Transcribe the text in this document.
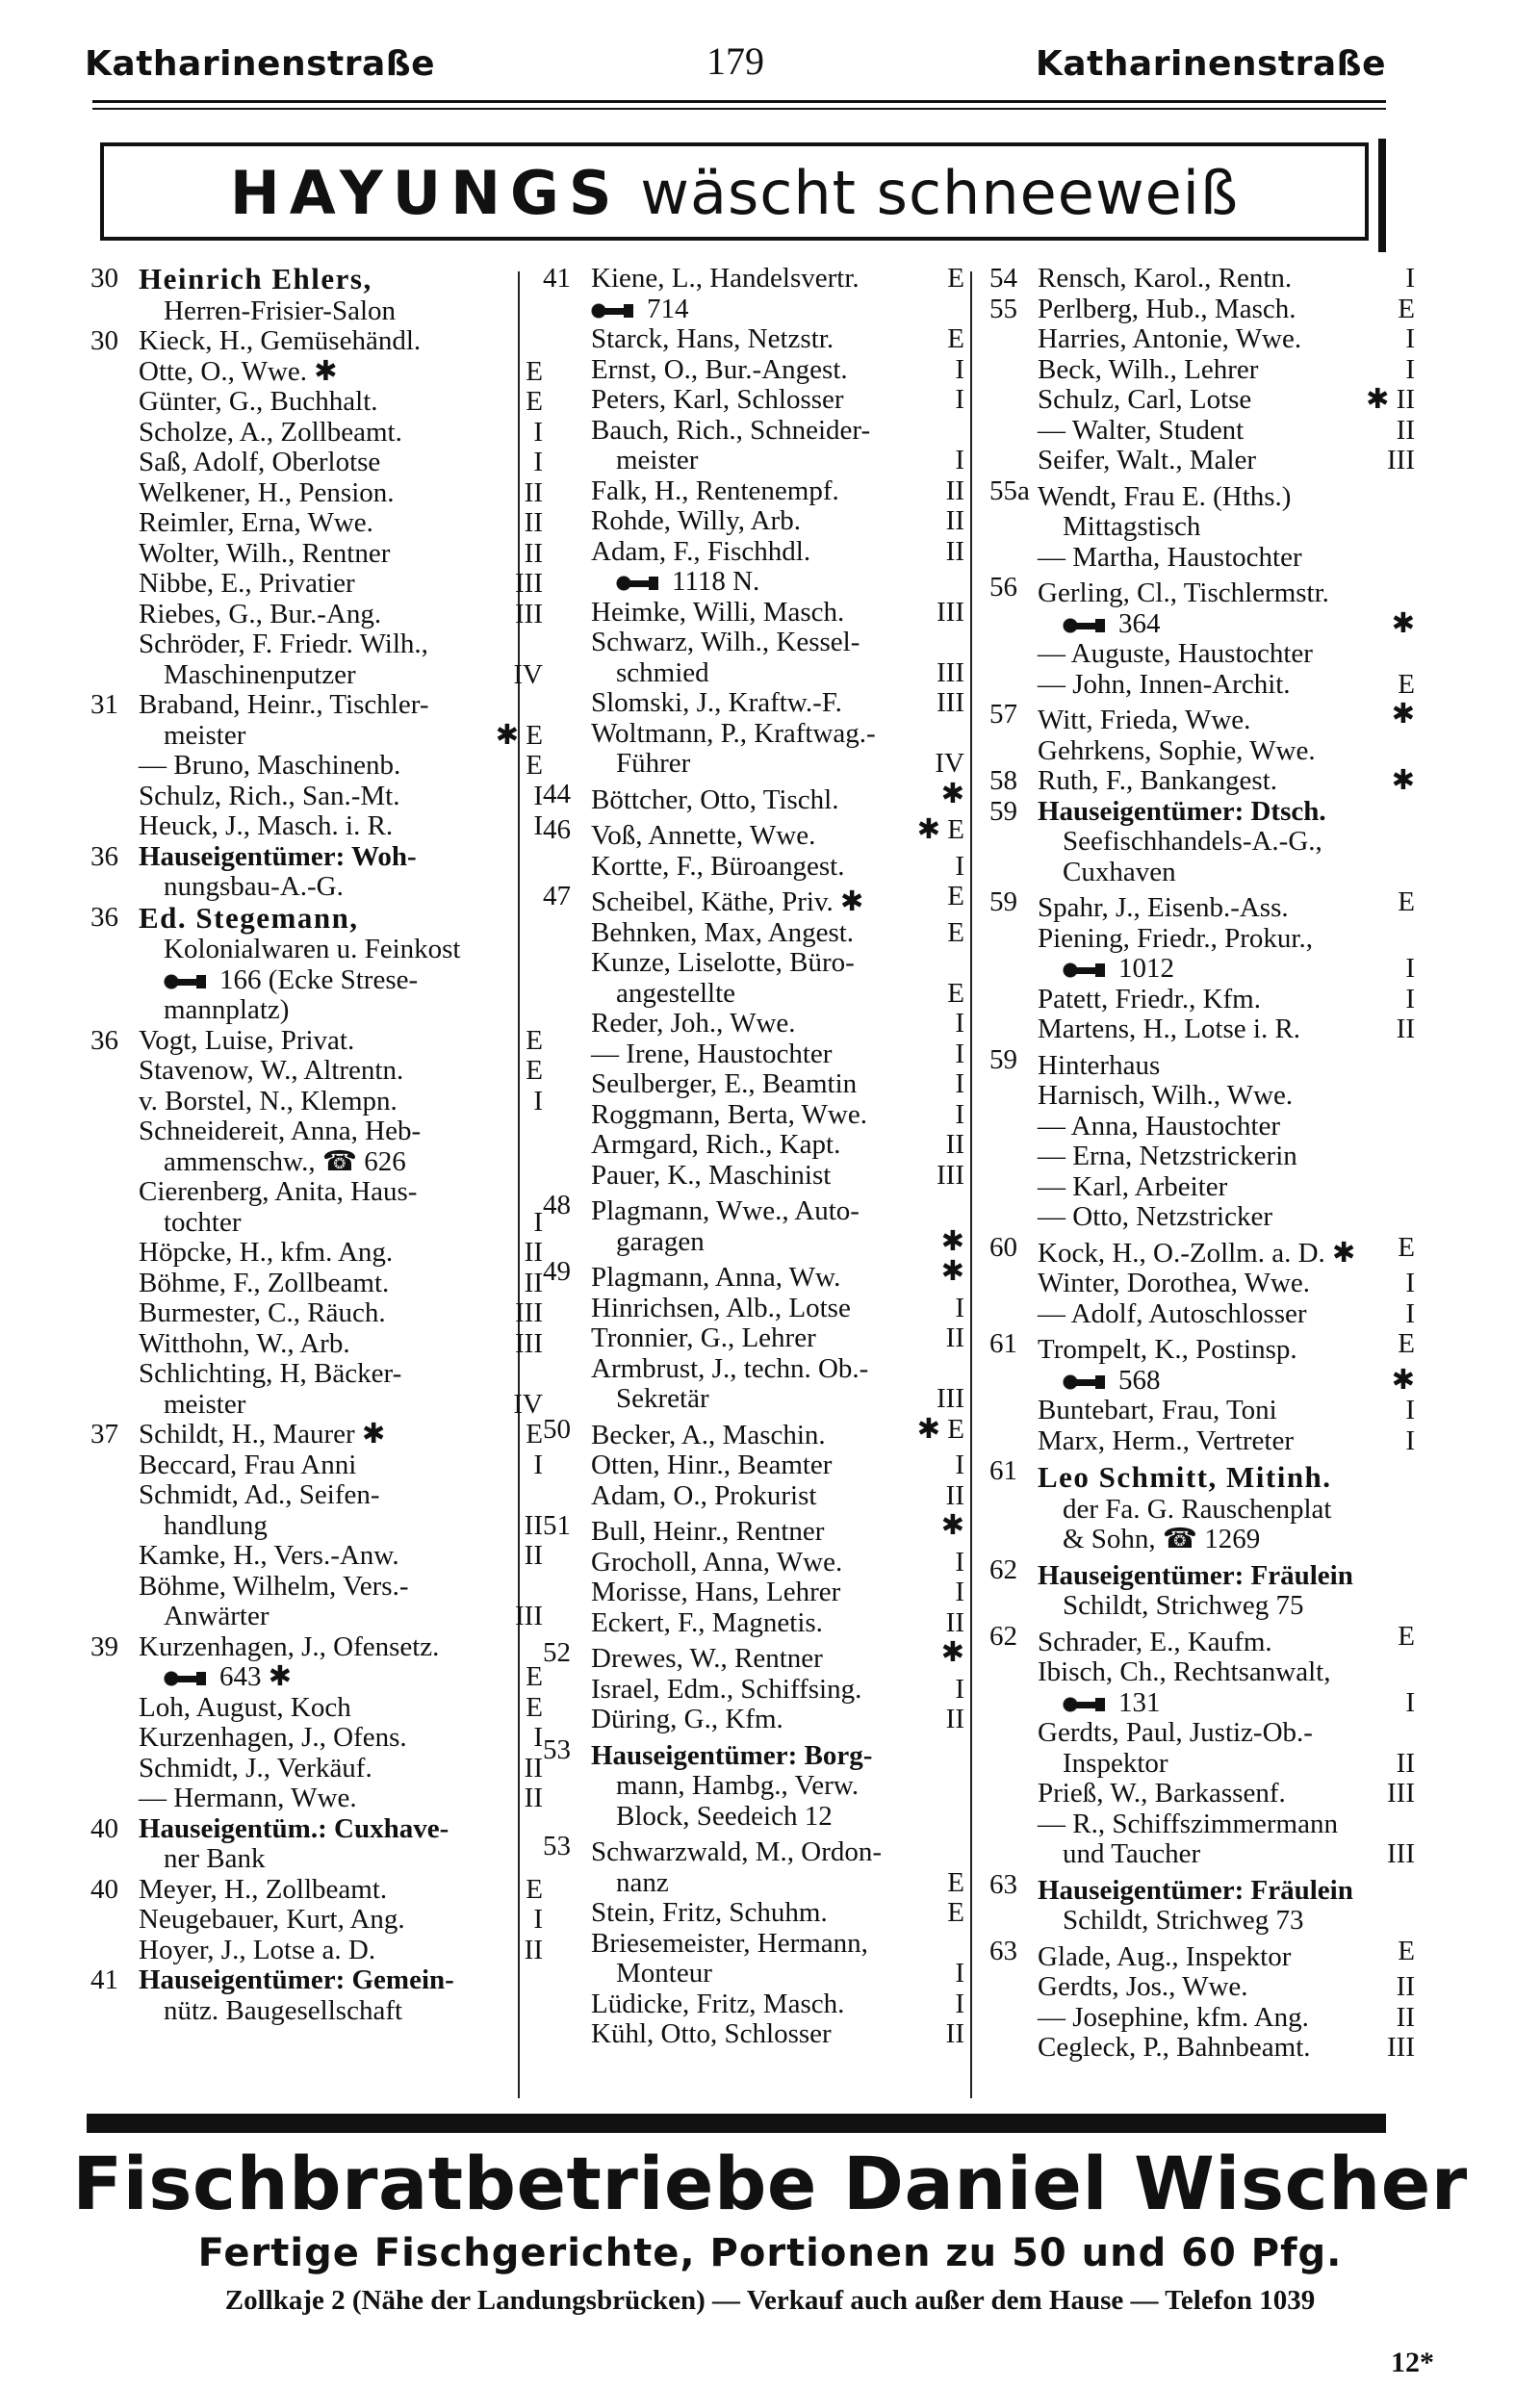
Katharinenstraße	179	Katharinenstraße
HAYUNGS wäscht schneeweiß
30 Heinrich Ehlers,
Herren-Frisier-Salon
30 Kieck, H., Gemüsehändl.
Otte, O., Wwe. ✱	E
Günter, G., Buchhalt.	E
Scholze, A., Zollbeamt.	I
Saß, Adolf, Oberlotse	I
Welkener, H., Pension.	II
Reimler, Erna, Wwe.	II
Wolter, Wilh., Rentner	II
Nibbe, E., Privatier	III
Riebes, G., Bur.-Ang.	III
Schröder, F. Friedr. Wilh.,
Maschinenputzer	IV
31 Braband, Heinr., Tischler-
meister	✱ E
— Bruno, Maschinenb.	E
Schulz, Rich., San.-Mt.	I
Heuck, J., Masch. i. R.	I
36 Hauseigentümer: Woh-
nungsbau-A.-G.
36 Ed. Stegemann,
Kolonialwaren u. Feinkost
166 (Ecke Strese-
mannplatz)
36 Vogt, Luise, Privat.	E
Stavenow, W., Altrentn.	E
v. Borstel, N., Klempn.	I
Schneidereit, Anna, Heb-
ammenschw., ☎ 626
Cierenberg, Anita, Haus-
tochter	I
Höpcke, H., kfm. Ang.	II
Böhme, F., Zollbeamt.	II
Burmester, C., Räuch.	III
Witthohn, W., Arb.	III
Schlichting, H, Bäcker-
meister	IV
37 Schildt, H., Maurer ✱	E
Beccard, Frau Anni	I
Schmidt, Ad., Seifen-
handlung	II
Kamke, H., Vers.-Anw.	II
Böhme, Wilhelm, Vers.-
Anwärter	III
39 Kurzenhagen, J., Ofensetz.
643 ✱	E
Loh, August, Koch	E
Kurzenhagen, J., Ofens.	I
Schmidt, J., Verkäuf.	II
— Hermann, Wwe.	II
40 Hauseigentüm.: Cuxhave-
ner Bank
40 Meyer, H., Zollbeamt.	E
Neugebauer, Kurt, Ang.	I
Hoyer, J., Lotse a. D.	II
41 Hauseigentümer: Gemein-
nütz. Baugesellschaft
41 Kiene, L., Handelsvertr.	E
714
Starck, Hans, Netzstr.	E
Ernst, O., Bur.-Angest.	I
Peters, Karl, Schlosser	I
Bauch, Rich., Schneider-
meister	I
Falk, H., Rentenempf.	II
Rohde, Willy, Arb.	II
Adam, F., Fischhdl.	II
1118 N.
Heimke, Willi, Masch.	III
Schwarz, Wilh., Kessel-
schmied	III
Slomski, J., Kraftw.-F.	III
Woltmann, P., Kraftwag.-
Führer	IV
44 Böttcher, Otto, Tischl.	✱
46 Voß, Annette, Wwe.	✱ E
Kortte, F., Büroangest.	I
47 Scheibel, Käthe, Priv. ✱	E
Behnken, Max, Angest.	E
Kunze, Liselotte, Büro-
angestellte	E
Reder, Joh., Wwe.	I
— Irene, Haustochter	I
Seulberger, E., Beamtin	I
Roggmann, Berta, Wwe.	I
Armgard, Rich., Kapt.	II
Pauer, K., Maschinist	III
48 Plagmann, Wwe., Auto-
garagen	✱
49 Plagmann, Anna, Ww.	✱
Hinrichsen, Alb., Lotse	I
Tronnier, G., Lehrer	II
Armbrust, J., techn. Ob.-
Sekretär	III
50 Becker, A., Maschin.	✱ E
Otten, Hinr., Beamter	I
Adam, O., Prokurist	II
51 Bull, Heinr., Rentner	✱
Grocholl, Anna, Wwe.	I
Morisse, Hans, Lehrer	I
Eckert, F., Magnetis.	II
52 Drewes, W., Rentner	✱
Israel, Edm., Schiffsing.	I
Düring, G., Kfm.	II
53 Hauseigentümer: Borg-
mann, Hambg., Verw.
Block, Seedeich 12
53 Schwarzwald, M., Ordon-
nanz	E
Stein, Fritz, Schuhm.	E
Briesemeister, Hermann,
Monteur	I
Lüdicke, Fritz, Masch.	I
Kühl, Otto, Schlosser	II
54 Rensch, Karol., Rentn.	I
55 Perlberg, Hub., Masch.	E
Harries, Antonie, Wwe.	I
Beck, Wilh., Lehrer	I
Schulz, Carl, Lotse	✱ II
— Walter, Student	II
Seifer, Walt., Maler	III
55a Wendt, Frau E. (Hths.)
Mittagstisch
— Martha, Haustochter
56 Gerling, Cl., Tischlermstr.
364	✱
— Auguste, Haustochter
— John, Innen-Archit.	E
57 Witt, Frieda, Wwe.	✱
Gehrkens, Sophie, Wwe.
58 Ruth, F., Bankangest.	✱
59 Hauseigentümer: Dtsch.
Seefischhandels-A.-G.,
Cuxhaven
59 Spahr, J., Eisenb.-Ass.	E
Piening, Friedr., Prokur.,
1012	I
Patett, Friedr., Kfm.	I
Martens, H., Lotse i. R.	II
59 Hinterhaus
Harnisch, Wilh., Wwe.
— Anna, Haustochter
— Erna, Netzstrickerin
— Karl, Arbeiter
— Otto, Netzstricker
60 Kock, H., O.-Zollm. a. D. ✱ E
Winter, Dorothea, Wwe.	I
— Adolf, Autoschlosser	I
61 Trompelt, K., Postinsp.	E
568	✱
Buntebart, Frau, Toni	I
Marx, Herm., Vertreter	I
61 Leo Schmitt, Mitinh.
der Fa. G. Rauschenplat
& Sohn, ☎ 1269
62 Hauseigentümer: Fräulein
Schildt, Strichweg 75
62 Schrader, E., Kaufm.	E
Ibisch, Ch., Rechtsanwalt,
131	I
Gerdts, Paul, Justiz-Ob.-
Inspektor	II
Prieß, W., Barkassenf.	III
— R., Schiffszimmermann
und Taucher	III
63 Hauseigentümer: Fräulein
Schildt, Strichweg 73
63 Glade, Aug., Inspektor	E
Gerdts, Jos., Wwe.	II
— Josephine, kfm. Ang.	II
Cegleck, P., Bahnbeamt.	III
Fischbratbetriebe Daniel Wischer
Fertige Fischgerichte, Portionen zu 50 und 60 Pfg.
Zollkaje 2 (Nähe der Landungsbrücken) — Verkauf auch außer dem Hause — Telefon 1039
12*
